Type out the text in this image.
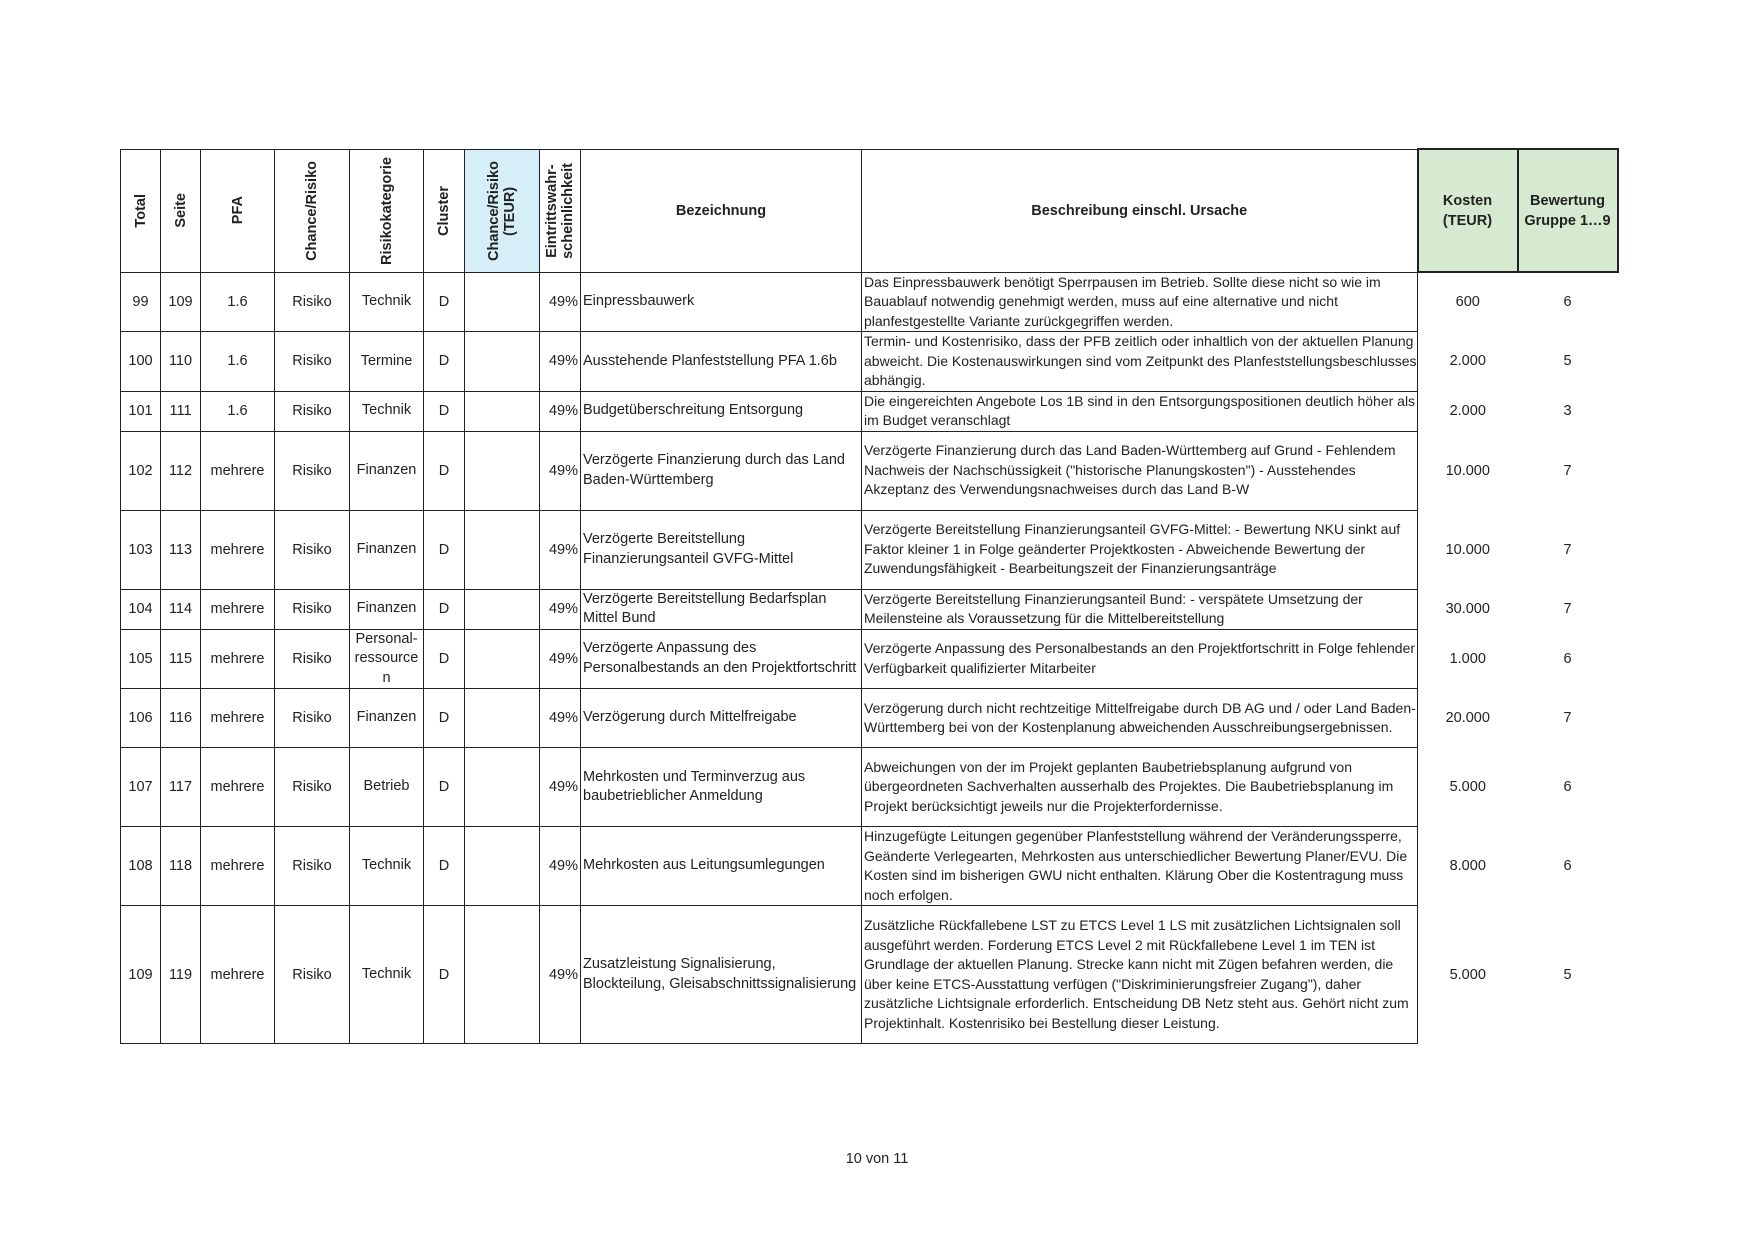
Total	Seite	PFA	Chance/Risiko	Risikokategorie	Cluster	Chance/Risiko (TEUR)	Eintrittswahr-
scheinlichkeit	Bezeichnung	Beschreibung einschl. Ursache	Kosten (TEUR)	Bewertung Gruppe 1…9

99	109	1.6	Risiko	Technik	D		49%	Einpressbauwerk	Das Einpressbauwerk benötigt Sperrpausen im Betrieb. Sollte diese nicht so wie im Bauablauf notwendig genehmigt werden, muss auf eine alternative und nicht planfestgestellte Variante zurückgegriffen werden.	600	6
100	110	1.6	Risiko	Termine	D		49%	Ausstehende Planfeststellung PFA 1.6b	Termin- und Kostenrisiko, dass der PFB zeitlich oder inhaltlich von der aktuellen Planung abweicht. Die Kostenauswirkungen sind vom Zeitpunkt des Planfeststellungsbeschlusses abhängig.	2.000	5
101	111	1.6	Risiko	Technik	D		49%	Budgetüberschreitung Entsorgung	Die eingereichten Angebote Los 1B sind in den Entsorgungspositionen deutlich höher als im Budget veranschlagt	2.000	3
102	112	mehrere	Risiko	Finanzen	D		49%	Verzögerte Finanzierung durch das Land Baden-Württemberg	Verzögerte Finanzierung durch das Land Baden-Württemberg auf Grund - Fehlendem Nachweis der Nachschüssigkeit ("historische Planungskosten") - Ausstehendes Akzeptanz des Verwendungsnachweises durch das Land B-W	10.000	7
103	113	mehrere	Risiko	Finanzen	D		49%	Verzögerte Bereitstellung Finanzierungsanteil GVFG-Mittel	Verzögerte Bereitstellung Finanzierungsanteil GVFG-Mittel: - Bewertung NKU sinkt auf Faktor kleiner 1 in Folge geänderter Projektkosten - Abweichende Bewertung der Zuwendungsfähigkeit - Bearbeitungszeit der Finanzierungsanträge	10.000	7
104	114	mehrere	Risiko	Finanzen	D		49%	Verzögerte Bereitstellung Bedarfsplan Mittel Bund	Verzögerte Bereitstellung Finanzierungsanteil Bund: - verspätete Umsetzung der Meilensteine als Voraussetzung für die Mittelbereitstellung	30.000	7
105	115	mehrere	Risiko	Personal-ressource n	D		49%	Verzögerte Anpassung des Personalbestands an den Projektfortschritt	Verzögerte Anpassung des Personalbestands an den Projektfortschritt in Folge fehlender Verfügbarkeit qualifizierter Mitarbeiter	1.000	6
106	116	mehrere	Risiko	Finanzen	D		49%	Verzögerung durch Mittelfreigabe	Verzögerung durch nicht rechtzeitige Mittelfreigabe durch DB AG und / oder Land Baden-Württemberg bei von der Kostenplanung abweichenden Ausschreibungsergebnissen.	20.000	7
107	117	mehrere	Risiko	Betrieb	D		49%	Mehrkosten und Terminverzug aus baubetrieblicher Anmeldung	Abweichungen von der im Projekt geplanten Baubetriebsplanung aufgrund von übergeordneten Sachverhalten ausserhalb des Projektes. Die Baubetriebsplanung im Projekt berücksichtigt jeweils nur die Projekterfordernisse.	5.000	6
108	118	mehrere	Risiko	Technik	D		49%	Mehrkosten aus Leitungsumlegungen	Hinzugefügte Leitungen gegenüber Planfeststellung während der Veränderungssperre, Geänderte Verlegearten, Mehrkosten aus unterschiedlicher Bewertung Planer/EVU. Die Kosten sind im bisherigen GWU nicht enthalten. Klärung Ober die Kostentragung muss noch erfolgen.	8.000	6
109	119	mehrere	Risiko	Technik	D		49%	Zusatzleistung Signalisierung, Blockteilung, Gleisabschnittssignalisierung	Zusätzliche Rückfallebene LST zu ETCS Level 1 LS mit zusätzlichen Lichtsignalen soll ausgeführt werden. Forderung ETCS Level 2 mit Rückfallebene Level 1 im TEN ist Grundlage der aktuellen Planung. Strecke kann nicht mit Zügen befahren werden, die über keine ETCS-Ausstattung verfügen ("Diskriminierungsfreier Zugang"), daher zusätzliche Lichtsignale erforderlich. Entscheidung DB Netz steht aus. Gehört nicht zum Projektinhalt. Kostenrisiko bei Bestellung dieser Leistung.	5.000	5
10 von 11
